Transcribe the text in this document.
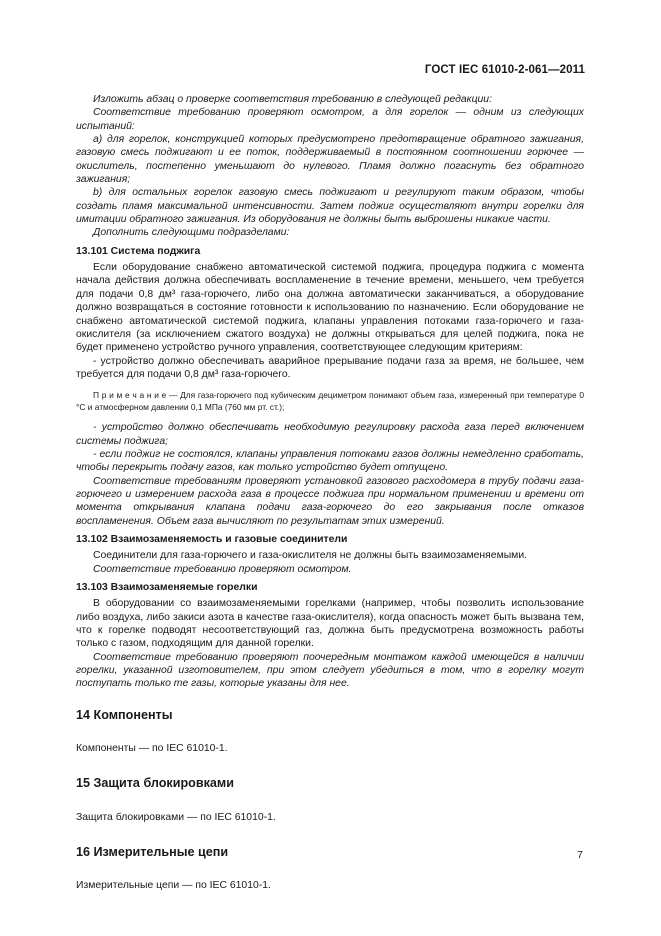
ГОСТ IEC 61010-2-061—2011

Изложить абзац о проверке соответствия требованию в следующей редакции:

Соответствие требованию проверяют осмотром, а для горелок — одним из следующих испытаний:

а) для горелок, конструкцией которых предусмотрено предотвращение обратного зажигания, газовую смесь поджигают и ее поток, поддерживаемый в постоянном соотношении горючее — окислитель, постепенно уменьшают до нулевого. Пламя должно погаснуть без обратного зажигания;

b) для остальных горелок газовую смесь поджигают и регулируют таким образом, чтобы создать пламя максимальной интенсивности. Затем поджиг осуществляют внутри горелки для имитации обратного зажигания. Из оборудования не должны быть выброшены никакие части.

Дополнить следующими подразделами:

13.101 Система поджига

Если оборудование снабжено автоматической системой поджига, процедура поджига с момента начала действия должна обеспечивать воспламенение в течение времени, меньшего, чем требуется для подачи 0,8 дм³ газа-горючего, либо она должна автоматически заканчиваться, а оборудование должно возвращаться в состояние готовности к использованию по назначению. Если оборудование не снабжено автоматической системой поджига, клапаны управления потоками газа-горючего и газа-окислителя (за исключением сжатого воздуха) не должны открываться для целей поджига, пока не будет применено устройство ручного управления, соответствующее следующим критериям:

- устройство должно обеспечивать аварийное прерывание подачи газа за время, не большее, чем требуется для подачи 0,8 дм³ газа-горючего.

П р и м е ч а н и е — Для газа-горючего под кубическим дециметром понимают объем газа, измеренный при температуре 0 °С и атмосферном давлении 0,1 МПа (760 мм рт. ст.);

- устройство должно обеспечивать необходимую регулировку расхода газа перед включением системы поджига;

- если поджиг не состоялся, клапаны управления потоками газов должны немедленно сработать, чтобы перекрыть подачу газов, как только устройство будет отпущено.

Соответствие требованиям проверяют установкой газового расходомера в трубу подачи газа-горючего и измерением расхода газа в процессе поджига при нормальном применении и времени от момента открывания клапана подачи газа-горючего до его закрывания после отказов воспламенения. Объем газа вычисляют по результатам этих измерений.

13.102 Взаимозаменяемость и газовые соединители

Соединители для газа-горючего и газа-окислителя не должны быть взаимозаменяемыми.

Соответствие требованию проверяют осмотром.

13.103 Взаимозаменяемые горелки

В оборудовании со взаимозаменяемыми горелками (например, чтобы позволить использование либо воздуха, либо закиси азота в качестве газа-окислителя), когда опасность может быть вызвана тем, что к горелке подводят несоответствующий газ, должна быть предусмотрена возможность работы только с газом, подходящим для данной горелки.

Соответствие требованию проверяют поочередным монтажом каждой имеющейся в наличии горелки, указанной изготовителем, при этом следует убедиться в том, что в горелку могут поступать только те газы, которые указаны для нее.

14 Компоненты
Компоненты — по IEC 61010-1.
15 Защита блокировками
Защита блокировками — по IEC 61010-1.
16 Измерительные цепи
Измерительные цепи — по IEC 61010-1.
7
